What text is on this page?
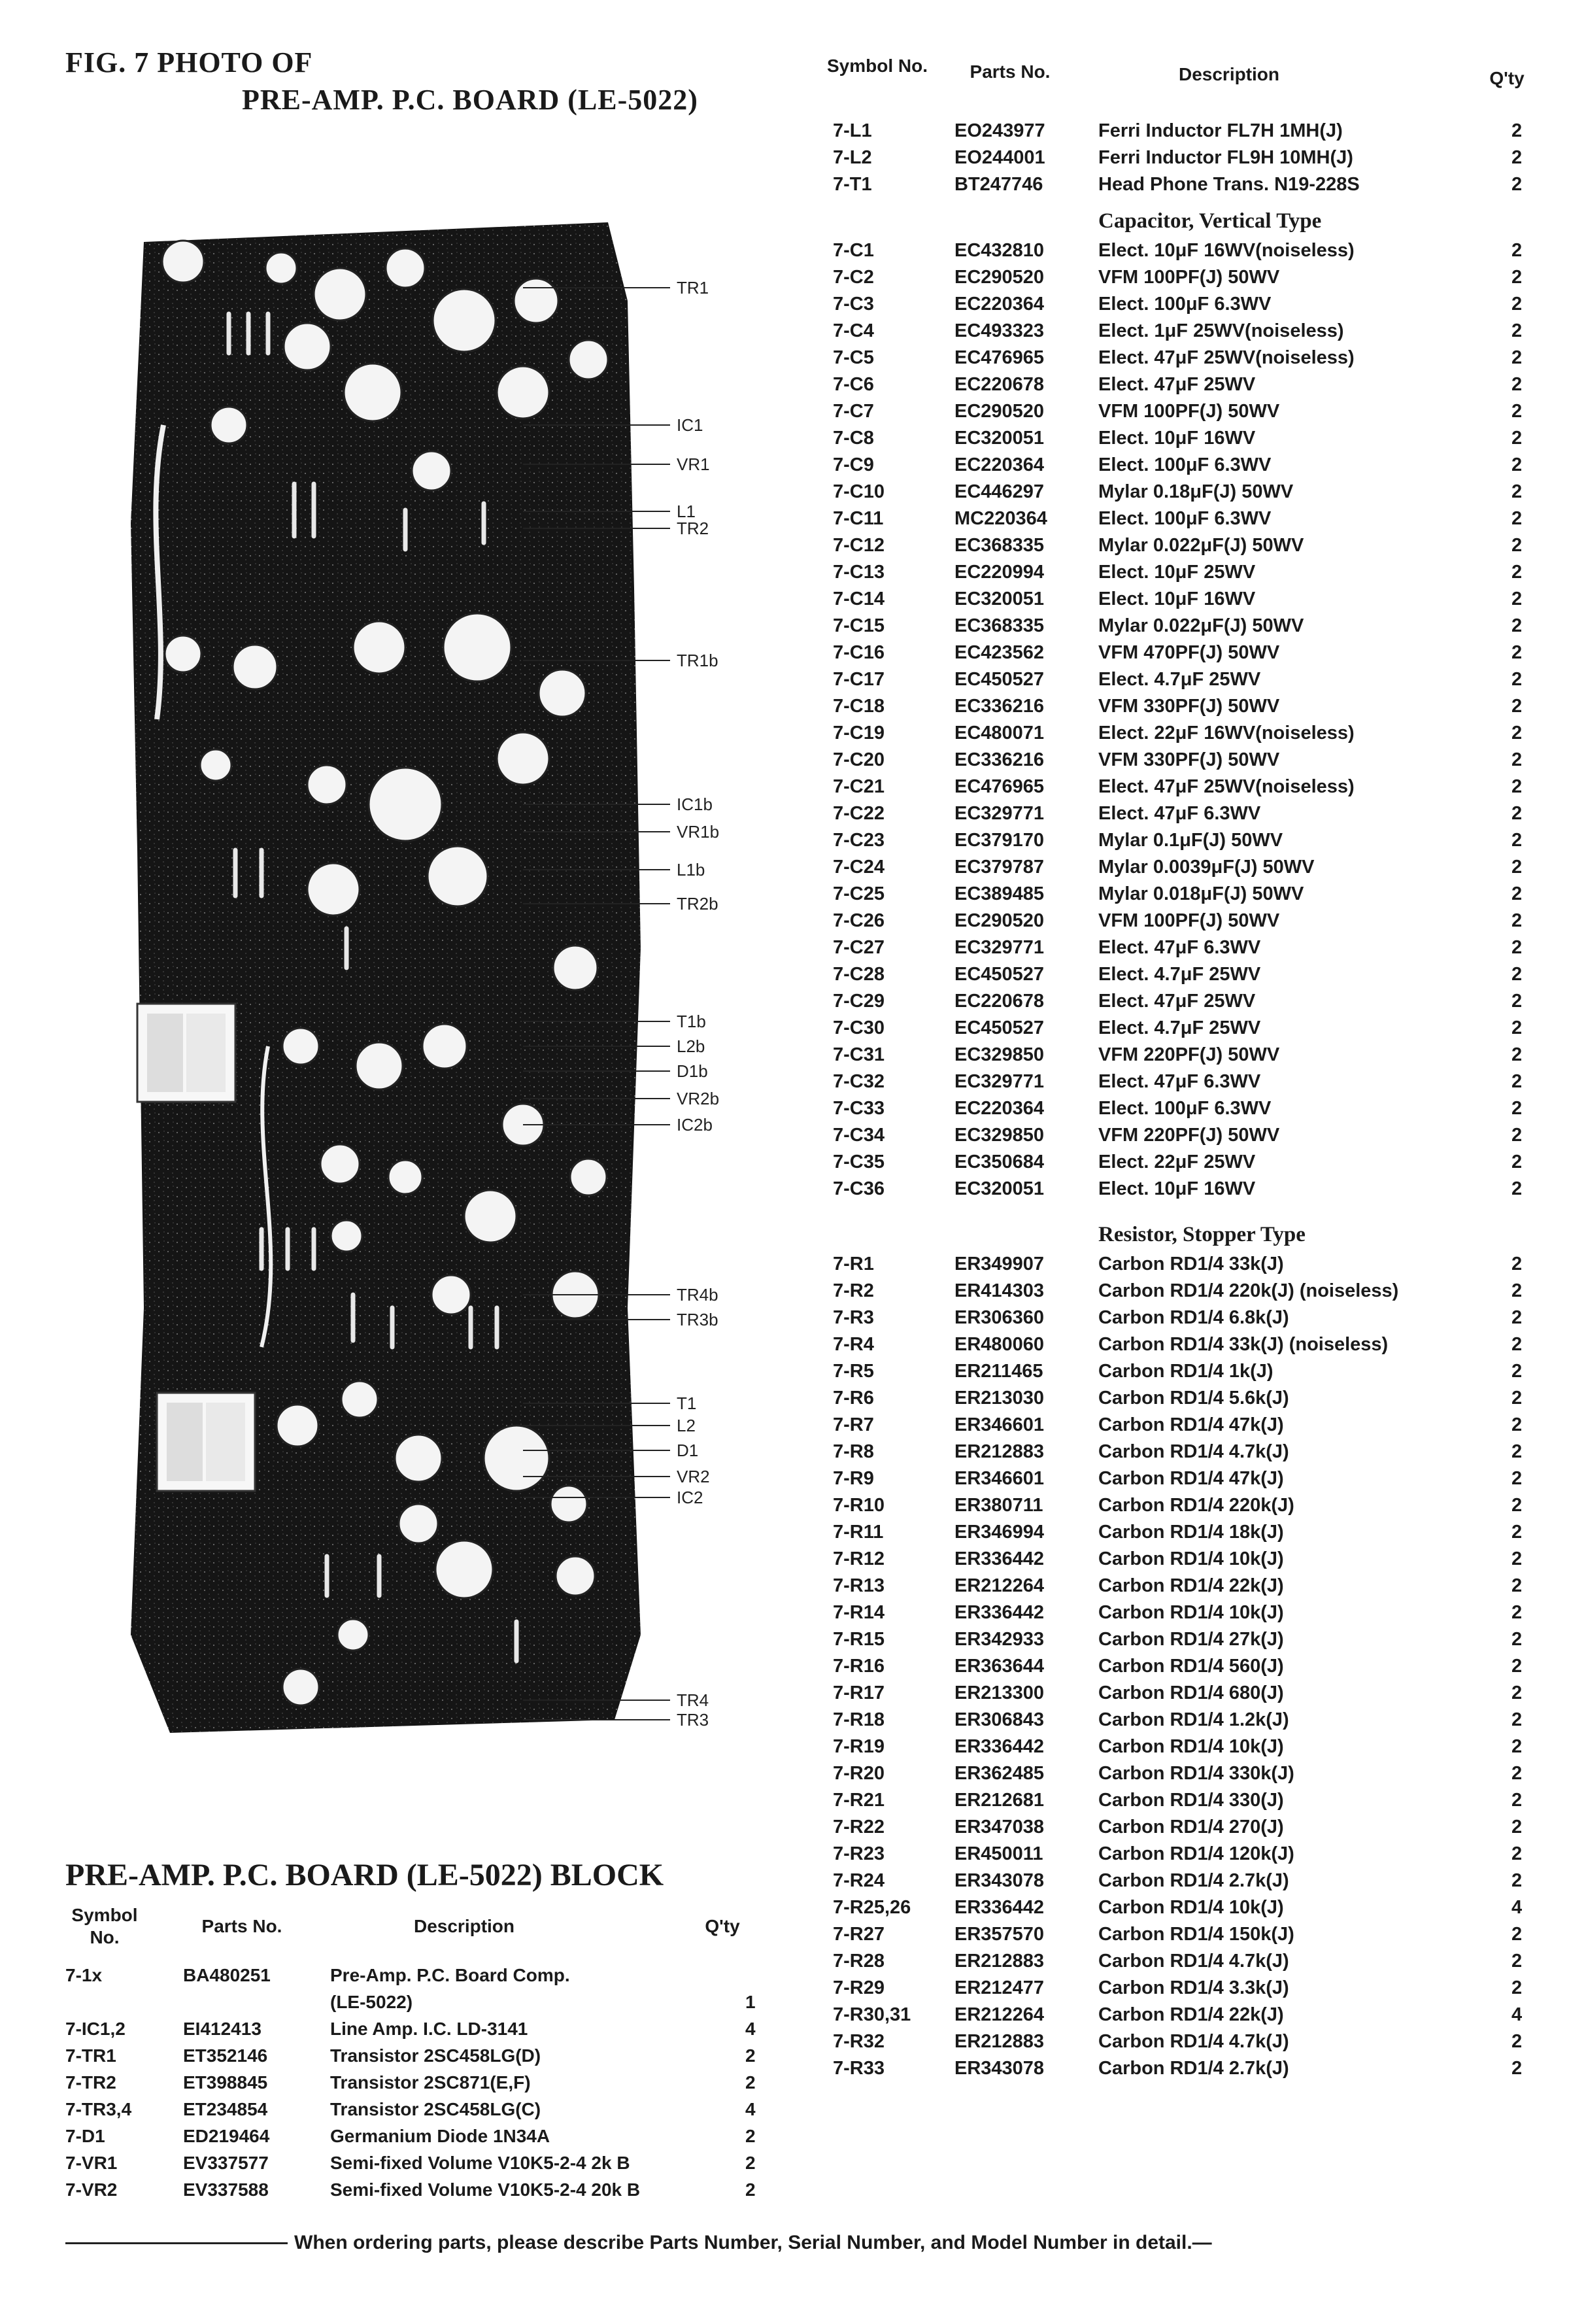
FIG. 7 PHOTO OF
PRE-AMP. P.C. BOARD (LE-5022)
TR1
IC1
VR1
L1
TR2
TR1b
IC1b
VR1b
L1b
TR2b
T1b
L2b
D1b
VR2b
IC2b
TR4b
TR3b
T1
L2
D1
VR2
IC2
TR4
TR3
Symbol No.	Parts No.	Description	Q'ty
7-L1	EO243977	Ferri Inductor FL7H 1MH(J)	2
7-L2	EO244001	Ferri Inductor FL9H 10MH(J)	2
7-T1	BT247746	Head Phone Trans. N19-228S	2
Capacitor, Vertical Type
7-C1	EC432810	Elect. 10μF 16WV(noiseless)	2
7-C2	EC290520	VFM 100PF(J) 50WV	2
7-C3	EC220364	Elect. 100μF 6.3WV	2
7-C4	EC493323	Elect. 1μF 25WV(noiseless)	2
7-C5	EC476965	Elect. 47μF 25WV(noiseless)	2
7-C6	EC220678	Elect. 47μF 25WV	2
7-C7	EC290520	VFM 100PF(J) 50WV	2
7-C8	EC320051	Elect. 10μF 16WV	2
7-C9	EC220364	Elect. 100μF 6.3WV	2
7-C10	EC446297	Mylar 0.18μF(J) 50WV	2
7-C11	MC220364	Elect. 100μF 6.3WV	2
7-C12	EC368335	Mylar 0.022μF(J) 50WV	2
7-C13	EC220994	Elect. 10μF 25WV	2
7-C14	EC320051	Elect. 10μF 16WV	2
7-C15	EC368335	Mylar 0.022μF(J) 50WV	2
7-C16	EC423562	VFM 470PF(J) 50WV	2
7-C17	EC450527	Elect. 4.7μF 25WV	2
7-C18	EC336216	VFM 330PF(J) 50WV	2
7-C19	EC480071	Elect. 22μF 16WV(noiseless)	2
7-C20	EC336216	VFM 330PF(J) 50WV	2
7-C21	EC476965	Elect. 47μF 25WV(noiseless)	2
7-C22	EC329771	Elect. 47μF 6.3WV	2
7-C23	EC379170	Mylar 0.1μF(J) 50WV	2
7-C24	EC379787	Mylar 0.0039μF(J) 50WV	2
7-C25	EC389485	Mylar 0.018μF(J) 50WV	2
7-C26	EC290520	VFM 100PF(J) 50WV	2
7-C27	EC329771	Elect. 47μF 6.3WV	2
7-C28	EC450527	Elect. 4.7μF 25WV	2
7-C29	EC220678	Elect. 47μF 25WV	2
7-C30	EC450527	Elect. 4.7μF 25WV	2
7-C31	EC329850	VFM 220PF(J) 50WV	2
7-C32	EC329771	Elect. 47μF 6.3WV	2
7-C33	EC220364	Elect. 100μF 6.3WV	2
7-C34	EC329850	VFM 220PF(J) 50WV	2
7-C35	EC350684	Elect. 22μF 25WV	2
7-C36	EC320051	Elect. 10μF 16WV	2
Resistor, Stopper Type
7-R1	ER349907	Carbon RD1/4 33k(J)	2
7-R2	ER414303	Carbon RD1/4 220k(J) (noiseless)	2
7-R3	ER306360	Carbon RD1/4 6.8k(J)	2
7-R4	ER480060	Carbon RD1/4 33k(J) (noiseless)	2
7-R5	ER211465	Carbon RD1/4 1k(J)	2
7-R6	ER213030	Carbon RD1/4 5.6k(J)	2
7-R7	ER346601	Carbon RD1/4 47k(J)	2
7-R8	ER212883	Carbon RD1/4 4.7k(J)	2
7-R9	ER346601	Carbon RD1/4 47k(J)	2
7-R10	ER380711	Carbon RD1/4 220k(J)	2
7-R11	ER346994	Carbon RD1/4 18k(J)	2
7-R12	ER336442	Carbon RD1/4 10k(J)	2
7-R13	ER212264	Carbon RD1/4 22k(J)	2
7-R14	ER336442	Carbon RD1/4 10k(J)	2
7-R15	ER342933	Carbon RD1/4 27k(J)	2
7-R16	ER363644	Carbon RD1/4 560(J)	2
7-R17	ER213300	Carbon RD1/4 680(J)	2
7-R18	ER306843	Carbon RD1/4 1.2k(J)	2
7-R19	ER336442	Carbon RD1/4 10k(J)	2
7-R20	ER362485	Carbon RD1/4 330k(J)	2
7-R21	ER212681	Carbon RD1/4 330(J)	2
7-R22	ER347038	Carbon RD1/4 270(J)	2
7-R23	ER450011	Carbon RD1/4 120k(J)	2
7-R24	ER343078	Carbon RD1/4 2.7k(J)	2
7-R25,26 ER336442	Carbon RD1/4 10k(J)	4
7-R27	ER357570	Carbon RD1/4 150k(J)	2
7-R28	ER212883	Carbon RD1/4 4.7k(J)	2
7-R29	ER212477	Carbon RD1/4 3.3k(J)	2
7-R30,31 ER212264	Carbon RD1/4 22k(J)	4
7-R32	ER212883	Carbon RD1/4 4.7k(J)	2
7-R33	ER343078	Carbon RD1/4 2.7k(J)	2
PRE-AMP. P.C. BOARD (LE-5022) BLOCK
Symbol No.
Parts No.	Description	Q'ty
7-1x	BA480251	Pre-Amp. P.C. Board Comp.
(LE-5022)	1
7-IC1,2	EI412413	Line Amp. I.C. LD-3141	4
7-TR1	ET352146	Transistor 2SC458LG(D)	2
7-TR2	ET398845	Transistor 2SC871(E,F)	2
7-TR3,4	ET234854	Transistor 2SC458LG(C)	4
7-D1	ED219464	Germanium Diode 1N34A	2
7-VR1	EV337577	Semi-fixed Volume V10K5-2-4 2k B	2
7-VR2	EV337588	Semi-fixed Volume V10K5-2-4 20k B	2
When ordering parts, please describe Parts Number, Serial Number, and Model Number in detail.—
